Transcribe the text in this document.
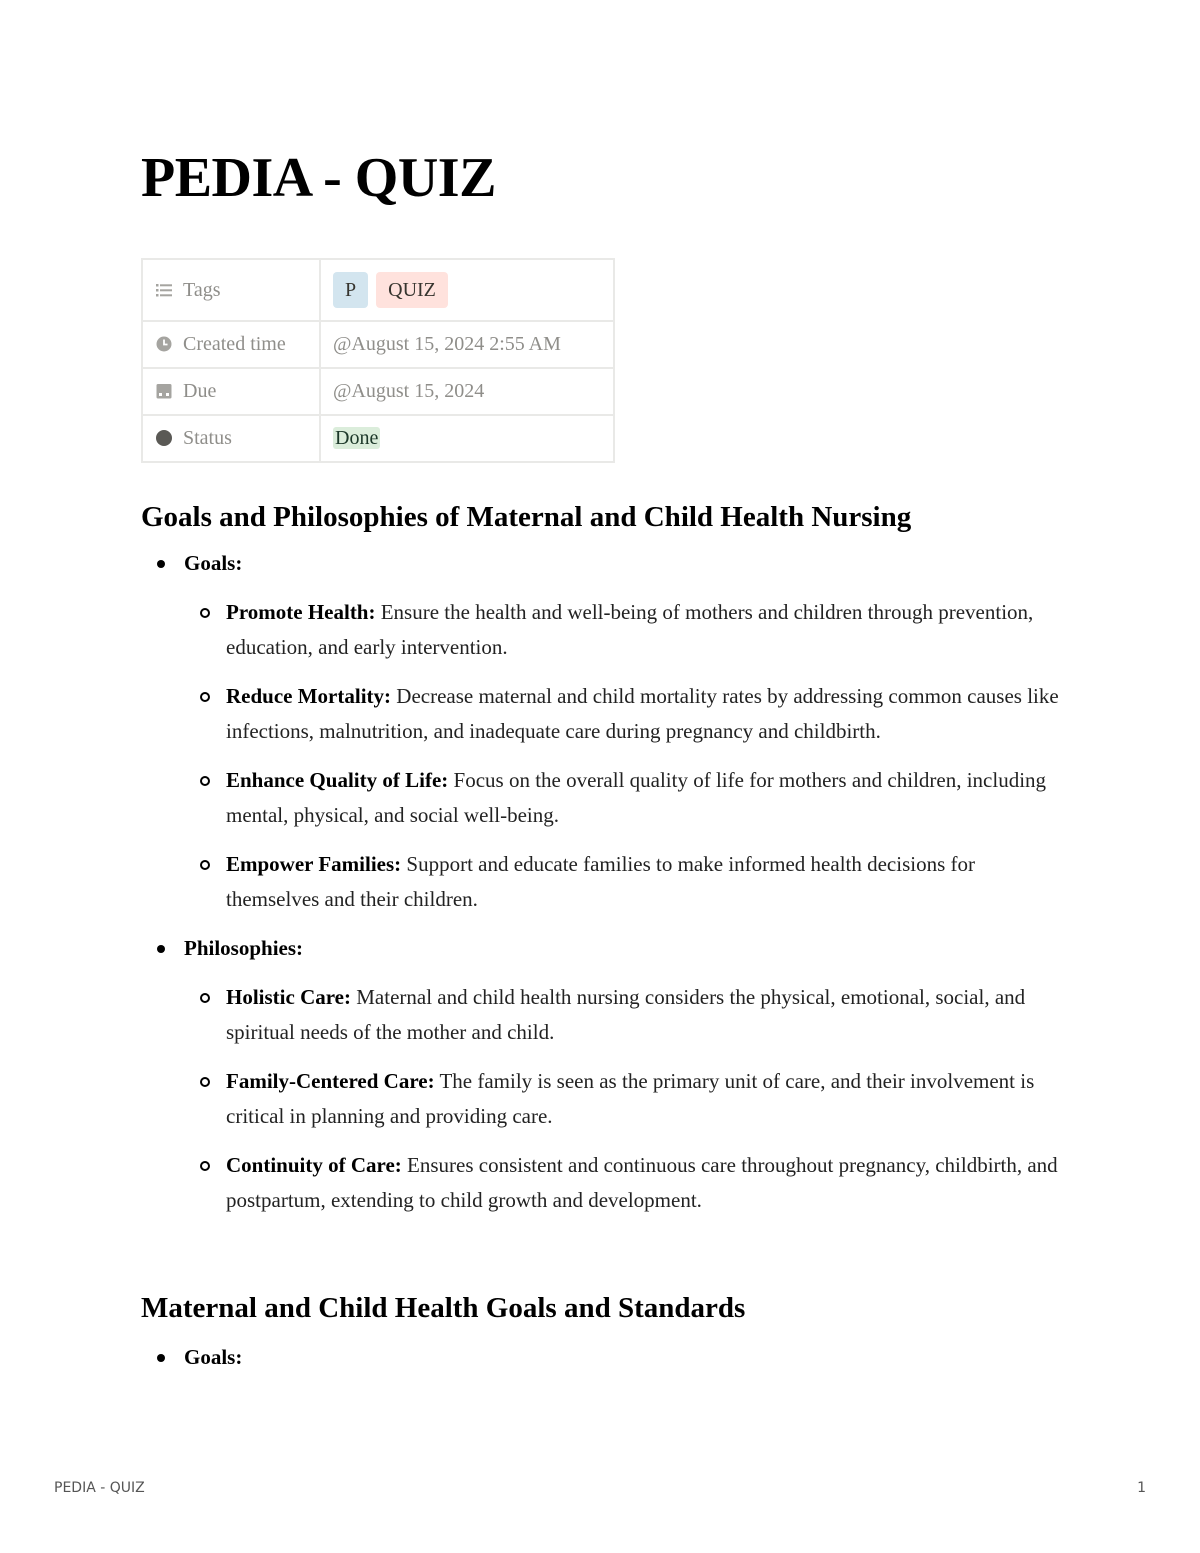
PEDIA - QUIZ
Tags	P QUIZ
Created time	@August 15, 2024 2:55 AM
Due	@August 15, 2024
Status	Done
Goals and Philosophies of Maternal and Child Health Nursing
Goals:
Promote Health: Ensure the health and well-being of mothers and children through prevention, education, and early intervention.
Reduce Mortality: Decrease maternal and child mortality rates by addressing common causes like infections, malnutrition, and inadequate care during pregnancy and childbirth.
Enhance Quality of Life: Focus on the overall quality of life for mothers and children, including mental, physical, and social well-being.
Empower Families: Support and educate families to make informed health decisions for themselves and their children.
Philosophies:
Holistic Care: Maternal and child health nursing considers the physical, emotional, social, and spiritual needs of the mother and child.
Family-Centered Care: The family is seen as the primary unit of care, and their involvement is critical in planning and providing care.
Continuity of Care: Ensures consistent and continuous care throughout pregnancy, childbirth, and postpartum, extending to child growth and development.
Maternal and Child Health Goals and Standards
Goals:
PEDIA - QUIZ	1
